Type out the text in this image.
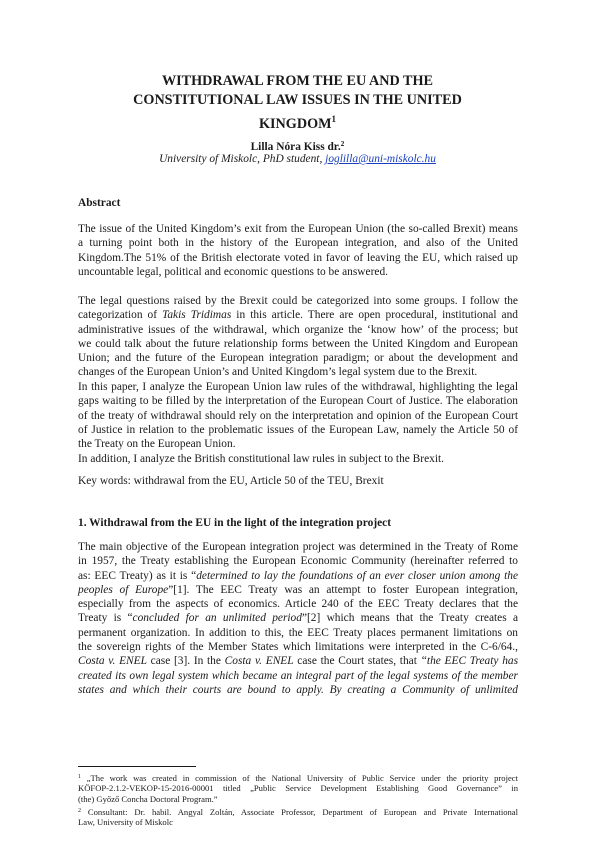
WITHDRAWAL FROM THE EU AND THE
CONSTITUTIONAL LAW ISSUES IN THE UNITED
KINGDOM$^1$
Lilla Nóra Kiss dr.$^2$
University of Miskolc, PhD student, joglilla@uni-miskolc.hu
Abstract
The issue of the United Kingdom’s exit from the European Union (the so-called Brexit) means
a turning point both in the history of the European integration, and also of the United
Kingdom.The 51% of the British electorate voted in favor of leaving the EU, which raised up
uncountable legal, political and economic questions to be answered.
The legal questions raised by the Brexit could be categorized into some groups. I follow the
categorization of Takis Tridimas in this article. There are open procedural, institutional and
administrative issues of the withdrawal, which organize the ‘know how’ of the process; but
we could talk about the future relationship forms between the United Kingdom and European
Union; and the future of the European integration paradigm; or about the development and
changes of the European Union’s and United Kingdom’s legal system due to the Brexit.
In this paper, I analyze the European Union law rules of the withdrawal, highlighting the legal
gaps waiting to be filled by the interpretation of the European Court of Justice. The elaboration
of the treaty of withdrawal should rely on the interpretation and opinion of the European Court
of Justice in relation to the problematic issues of the European Law, namely the Article 50 of
the Treaty on the European Union.
In addition, I analyze the British constitutional law rules in subject to the Brexit.
Key words: withdrawal from the EU, Article 50 of the TEU, Brexit
1. Withdrawal from the EU in the light of the integration project
The main objective of the European integration project was determined in the Treaty of Rome
in 1957, the Treaty establishing the European Economic Community (hereinafter referred to
as: EEC Treaty) as it is “determined to lay the foundations of an ever closer union among the
peoples of Europe”[1]. The EEC Treaty was an attempt to foster European integration,
especially from the aspects of economics. Article 240 of the EEC Treaty declares that the
Treaty is “concluded for an unlimited period”[2] which means that the Treaty creates a
permanent organization. In addition to this, the EEC Treaty places permanent limitations on
the sovereign rights of the Member States which limitations were interpreted in the C-6/64.,
Costa v. ENEL case [3]. In the Costa v. ENEL case the Court states, that “the EEC Treaty has
created its own legal system which became an integral part of the legal systems of the member
states and which their courts are bound to apply. By creating a Community of unlimited
$^1$ „The work was created in commission of the National University of Public Service under the priority project
KÖFOP-2.1.2-VEKOP-15-2016-00001 titled „Public Service Development Establishing Good Governance” in
(the) Győző Concha Doctoral Program.”
$^2$ Consultant: Dr. habil. Angyal Zoltán, Associate Professor, Department of European and Private International
Law, University of Miskolc
